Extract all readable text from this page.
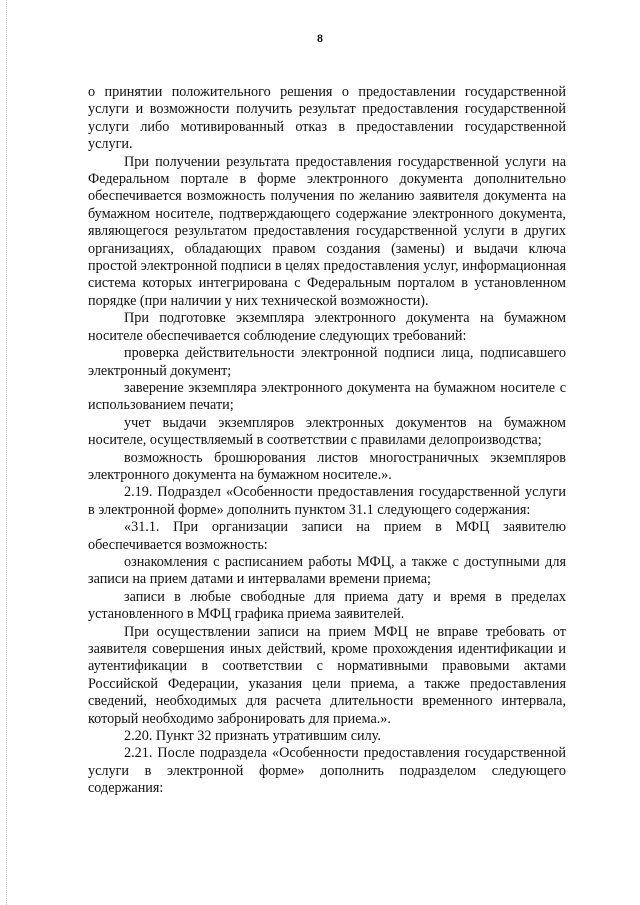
8

о принятии положительного решения о предоставлении государственной услуги и возможности получить результат предоставления государственной услуги либо мотивированный отказ в предоставлении государственной услуги.

При получении результата предоставления государственной услуги на Федеральном портале в форме электронного документа дополнительно обеспечивается возможность получения по желанию заявителя документа на бумажном носителе, подтверждающего содержание электронного документа, являющегося результатом предоставления государственной услуги в других организациях, обладающих правом создания (замены) и выдачи ключа простой электронной подписи в целях предоставления услуг, информационная система которых интегрирована с Федеральным порталом в установленном порядке (при наличии у них технической возможности).

При подготовке экземпляра электронного документа на бумажном носителе обеспечивается соблюдение следующих требований:

проверка действительности электронной подписи лица, подписавшего электронный документ;

заверение экземпляра электронного документа на бумажном носителе с использованием печати;

учет выдачи экземпляров электронных документов на бумажном носителе, осуществляемый в соответствии с правилами делопроизводства;

возможность брошюрования листов многостраничных экземпляров электронного документа на бумажном носителе.».

2.19. Подраздел «Особенности предоставления государственной услуги в электронной форме» дополнить пунктом 31.1 следующего содержания:

«31.1. При организации записи на прием в МФЦ заявителю обеспечивается возможность:

ознакомления с расписанием работы МФЦ, а также с доступными для записи на прием датами и интервалами времени приема;

записи в любые свободные для приема дату и время в пределах установленного в МФЦ графика приема заявителей.

При осуществлении записи на прием МФЦ не вправе требовать от заявителя совершения иных действий, кроме прохождения идентификации и аутентификации в соответствии с нормативными правовыми актами Российской Федерации, указания цели приема, а также предоставления сведений, необходимых для расчета длительности временного интервала, который необходимо забронировать для приема.».

2.20. Пункт 32 признать утратившим силу.

2.21. После подраздела «Особенности предоставления государственной услуги в электронной форме» дополнить подразделом следующего содержания:
